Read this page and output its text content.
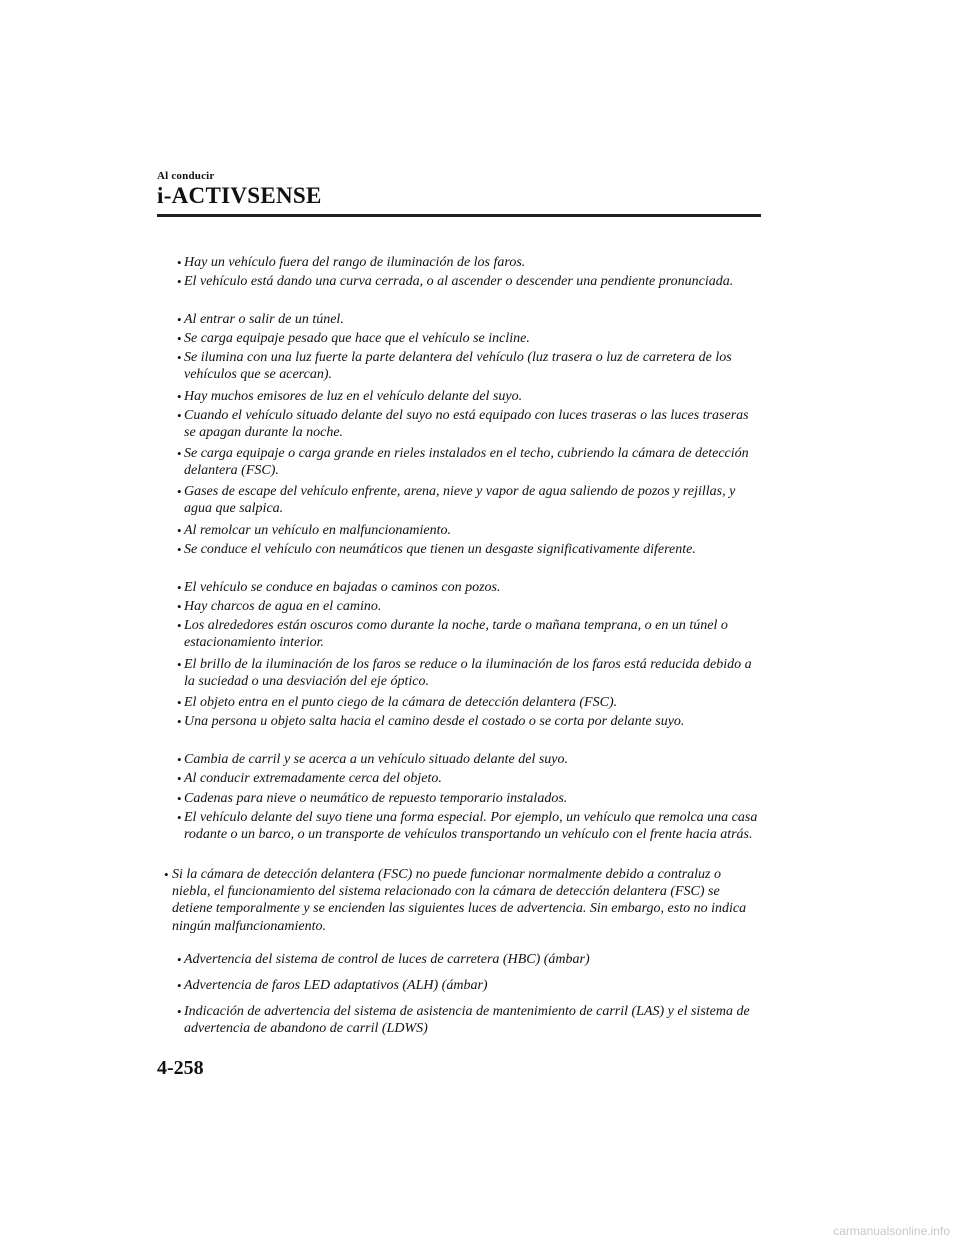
Al conducir
i-ACTIVSENSE

• Hay un vehículo fuera del rango de iluminación de los faros.

• El vehículo está dando una curva cerrada, o al ascender o descender una pendiente pronunciada.

• Al entrar o salir de un túnel.

• Se carga equipaje pesado que hace que el vehículo se incline.

• Se ilumina con una luz fuerte la parte delantera del vehículo (luz trasera o luz de carretera de los vehículos que se acercan).

• Hay muchos emisores de luz en el vehículo delante del suyo.

• Cuando el vehículo situado delante del suyo no está equipado con luces traseras o las luces traseras se apagan durante la noche.

• Se carga equipaje o carga grande en rieles instalados en el techo, cubriendo la cámara de detección delantera (FSC).

• Gases de escape del vehículo enfrente, arena, nieve y vapor de agua saliendo de pozos y rejillas, y agua que salpica.

• Al remolcar un vehículo en malfuncionamiento.

• Se conduce el vehículo con neumáticos que tienen un desgaste significativamente diferente.

• El vehículo se conduce en bajadas o caminos con pozos.

• Hay charcos de agua en el camino.

• Los alrededores están oscuros como durante la noche, tarde o mañana temprana, o en un túnel o estacionamiento interior.

• El brillo de la iluminación de los faros se reduce o la iluminación de los faros está reducida debido a la suciedad o una desviación del eje óptico.

• El objeto entra en el punto ciego de la cámara de detección delantera (FSC).

• Una persona u objeto salta hacia el camino desde el costado o se corta por delante suyo.

• Cambia de carril y se acerca a un vehículo situado delante del suyo.

• Al conducir extremadamente cerca del objeto.

• Cadenas para nieve o neumático de repuesto temporario instalados.

• El vehículo delante del suyo tiene una forma especial. Por ejemplo, un vehículo que remolca una casa rodante o un barco, o un transporte de vehículos transportando un vehículo con el frente hacia atrás.

• Si la cámara de detección delantera (FSC) no puede funcionar normalmente debido a contraluz o niebla, el funcionamiento del sistema relacionado con la cámara de detección delantera (FSC) se detiene temporalmente y se encienden las siguientes luces de advertencia. Sin embargo, esto no indica ningún malfuncionamiento.

• Advertencia del sistema de control de luces de carretera (HBC) (ámbar)

• Advertencia de faros LED adaptativos (ALH) (ámbar)

• Indicación de advertencia del sistema de asistencia de mantenimiento de carril (LAS) y el sistema de advertencia de abandono de carril (LDWS)

4-258

carmanualsonline.info
